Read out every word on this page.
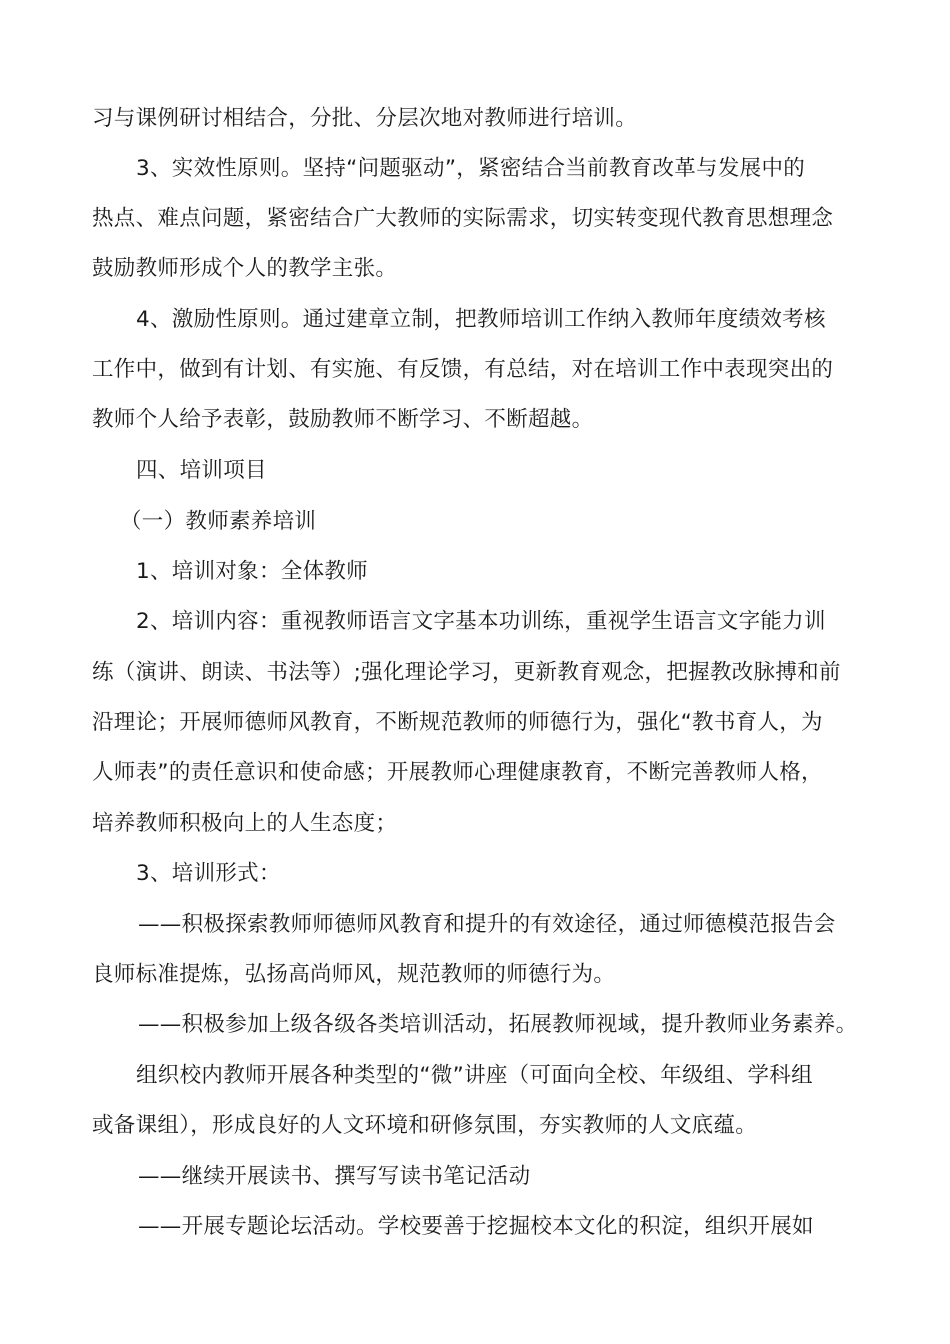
习与课例研讨相结合，分批、分层次地对教师进行培训。
3、实效性原则。坚持“问题驱动”，紧密结合当前教育改革与发展中的
热点、难点问题，紧密结合广大教师的实际需求，切实转变现代教育思想理念
鼓励教师形成个人的教学主张。
4、激励性原则。通过建章立制，把教师培训工作纳入教师年度绩效考核
工作中，做到有计划、有实施、有反馈，有总结，对在培训工作中表现突出的
教师个人给予表彰，鼓励教师不断学习、不断超越。
四、培训项目
（一）教师素养培训
1、培训对象：全体教师
2、培训内容：重视教师语言文字基本功训练，重视学生语言文字能力训
练（演讲、朗读、书法等）;强化理论学习，更新教育观念，把握教改脉搏和前
沿理论；开展师德师风教育，不断规范教师的师德行为，强化“教书育人，为
人师表”的责任意识和使命感；开展教师心理健康教育，不断完善教师人格，
培养教师积极向上的人生态度；
3、培训形式：
——积极探索教师师德师风教育和提升的有效途径，通过师德模范报告会
良师标准提炼，弘扬高尚师风，规范教师的师德行为。
——积极参加上级各级各类培训活动，拓展教师视域，提升教师业务素养。
组织校内教师开展各种类型的“微”讲座（可面向全校、年级组、学科组
或备课组），形成良好的人文环境和研修氛围，夯实教师的人文底蕴。
——继续开展读书、撰写写读书笔记活动
——开展专题论坛活动。学校要善于挖掘校本文化的积淀，组织开展如
